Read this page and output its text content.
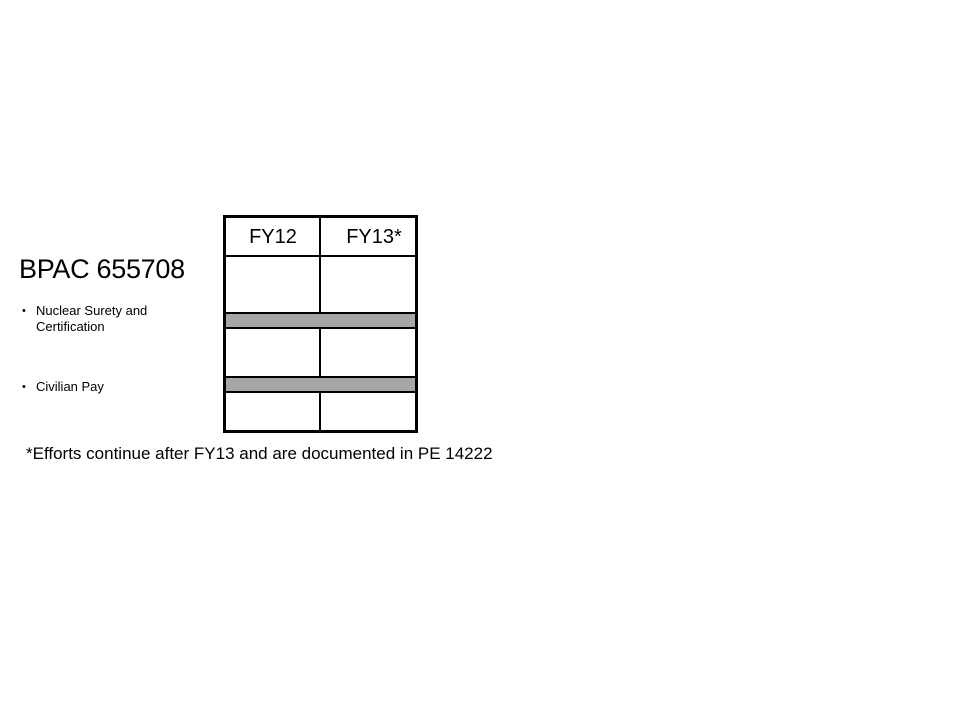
BPAC 655708
• Nuclear Surety and Certification
• Civilian Pay
FY12 FY13*
*Efforts continue after FY13 and are documented in PE 14222
